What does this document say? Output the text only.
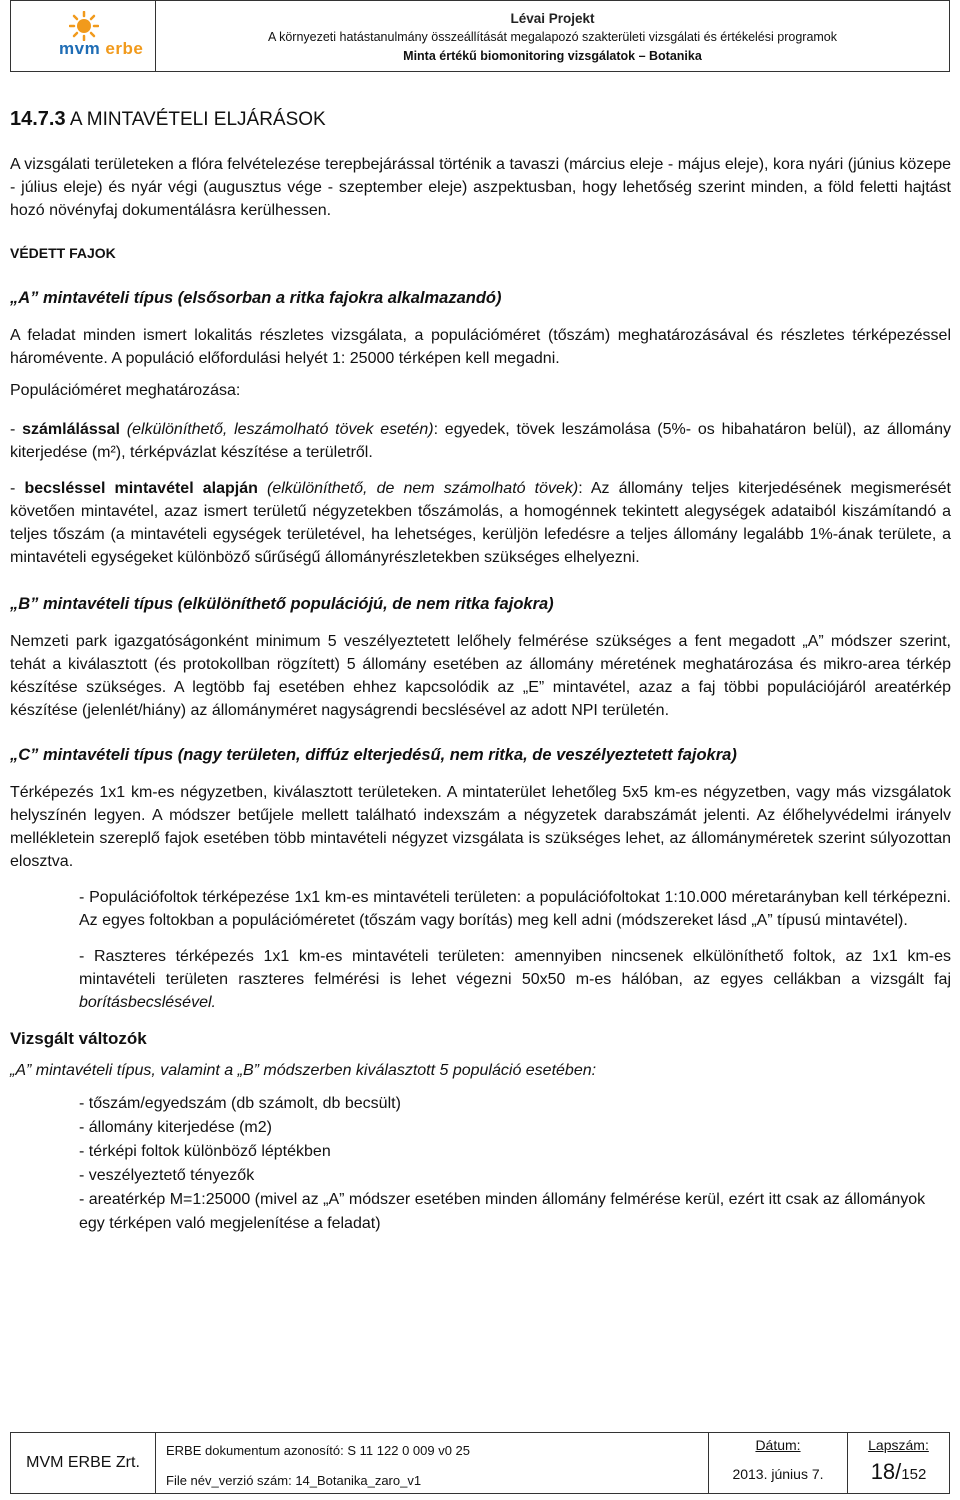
mvm erbe
Lévai Projekt
A környezeti hatástanulmány összeállítását megalapozó szakterületi vizsgálati és értékelési programok
Minta értékű biomonitoring vizsgálatok – Botanika
14.7.3 A MINTAVÉTELI ELJÁRÁSOK

A vizsgálati területeken a flóra felvételezése terepbejárással történik a tavaszi (március eleje - május eleje), kora nyári (június közepe - július eleje) és nyár végi (augusztus vége - szeptember eleje) aszpektusban, hogy lehetőség szerint minden, a föld feletti hajtást hozó növényfaj dokumentálásra kerülhessen.

VÉDETT FAJOK
„A” mintavételi típus (elsősorban a ritka fajokra alkalmazandó)

A feladat minden ismert lokalitás részletes vizsgálata, a populációméret (tőszám) meghatározásával és részletes térképezéssel háromévente. A populáció előfordulási helyét 1: 25000 térképen kell megadni.

Populációméret meghatározása:

- számlálással (elkülöníthető, leszámolható tövek esetén): egyedek, tövek leszámolása (5%- os hibahatáron belül), az állomány kiterjedése (m²), térképvázlat készítése a területről.

- becsléssel mintavétel alapján (elkülöníthető, de nem számolható tövek): Az állomány teljes kiterjedésének megismerését követően mintavétel, azaz ismert területű négyzetekben tőszámolás, a homogénnek tekintett alegységek adataiból kiszámítandó a teljes tőszám (a mintavételi egységek területével, ha lehetséges, kerüljön lefedésre a teljes állomány legalább 1%-ának területe, a mintavételi egységeket különböző sűrűségű állományrészletekben szükséges elhelyezni.

„B” mintavételi típus (elkülöníthető populációjú, de nem ritka fajokra)

Nemzeti park igazgatóságonként minimum 5 veszélyeztetett lelőhely felmérése szükséges a fent megadott „A” módszer szerint, tehát a kiválasztott (és protokollban rögzített) 5 állomány esetében az állomány méretének meghatározása és mikro-area térkép készítése szükséges. A legtöbb faj esetében ehhez kapcsolódik az „E” mintavétel, azaz a faj többi populációjáról areatérkép készítése (jelenlét/hiány) az állományméret nagyságrendi becslésével az adott NPI területén.

„C” mintavételi típus (nagy területen, diffúz elterjedésű, nem ritka, de veszélyeztetett fajokra)

Térképezés 1x1 km-es négyzetben, kiválasztott területeken. A mintaterület lehetőleg 5x5 km-es négyzetben, vagy más vizsgálatok helyszínén legyen. A módszer betűjele mellett található indexszám a négyzetek darabszámát jelenti. Az élőhelyvédelmi irányelv mellékletein szereplő fajok esetében több mintavételi négyzet vizsgálata is szükséges lehet, az állományméretek szerint súlyozottan elosztva.

- Populációfoltok térképezése 1x1 km-es mintavételi területen: a populációfoltokat 1:10.000 méretarányban kell térképezni. Az egyes foltokban a populációméretet (tőszám vagy borítás) meg kell adni (módszereket lásd „A” típusú mintavétel).

- Raszteres térképezés 1x1 km-es mintavételi területen: amennyiben nincsenek elkülöníthető foltok, az 1x1 km-es mintavételi területen raszteres felmérési is lehet végezni 50x50 m-es hálóban, az egyes cellákban a vizsgált faj borításbecslésével.

Vizsgált változók
„A” mintavételi típus, valamint a „B” módszerben kiválasztott 5 populáció esetében:
- tőszám/egyedszám (db számolt, db becsült)
- állomány kiterjedése (m2)
- térképi foltok különböző léptékben
- veszélyeztető tényezők
- areatérkép M=1:25000 (mivel az „A” módszer esetében minden állomány felmérése kerül, ezért itt csak az állományok egy térképen való megjelenítése a feladat)
MVM ERBE Zrt.
ERBE dokumentum azonosító: S 11 122 0 009 v0 25
File név_verzió szám: 14_Botanika_zaro_v1
Dátum:
2013. június 7.
Lapszám:
18/152
